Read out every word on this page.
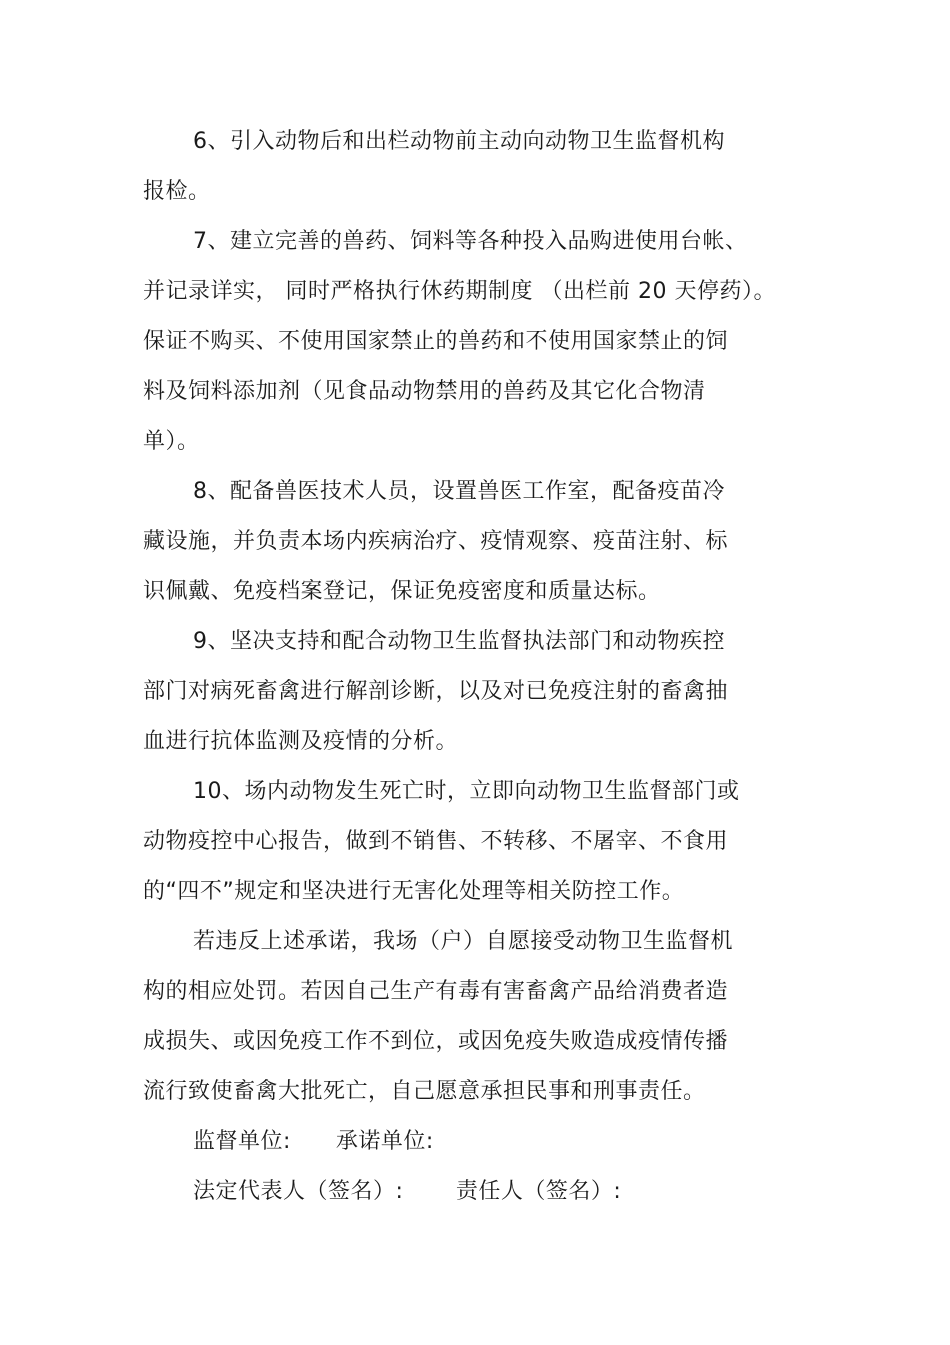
6、引入动物后和出栏动物前主动向动物卫生监督机构
报检。
7、建立完善的兽药、饲料等各种投入品购进使用台帐、
并记录详实， 同时严格执行休药期制度 （出栏前 20 天停药）。
保证不购买、不使用国家禁止的兽药和不使用国家禁止的饲
料及饲料添加剂（见食品动物禁用的兽药及其它化合物清
单）。
8、配备兽医技术人员，设置兽医工作室，配备疫苗冷
藏设施，并负责本场内疾病治疗、疫情观察、疫苗注射、标
识佩戴、免疫档案登记，保证免疫密度和质量达标。
9、坚决支持和配合动物卫生监督执法部门和动物疾控
部门对病死畜禽进行解剖诊断，以及对已免疫注射的畜禽抽
血进行抗体监测及疫情的分析。
10、场内动物发生死亡时，立即向动物卫生监督部门或
动物疫控中心报告，做到不销售、不转移、不屠宰、不食用
的“四不”规定和坚决进行无害化处理等相关防控工作。
若违反上述承诺，我场（户）自愿接受动物卫生监督机
构的相应处罚。若因自己生产有毒有害畜禽产品给消费者造
成损失、或因免疫工作不到位，或因免疫失败造成疫情传播
流行致使畜禽大批死亡，自己愿意承担民事和刑事责任。
监督单位:      承诺单位:
法定代表人（签名）:       责任人（签名）:
